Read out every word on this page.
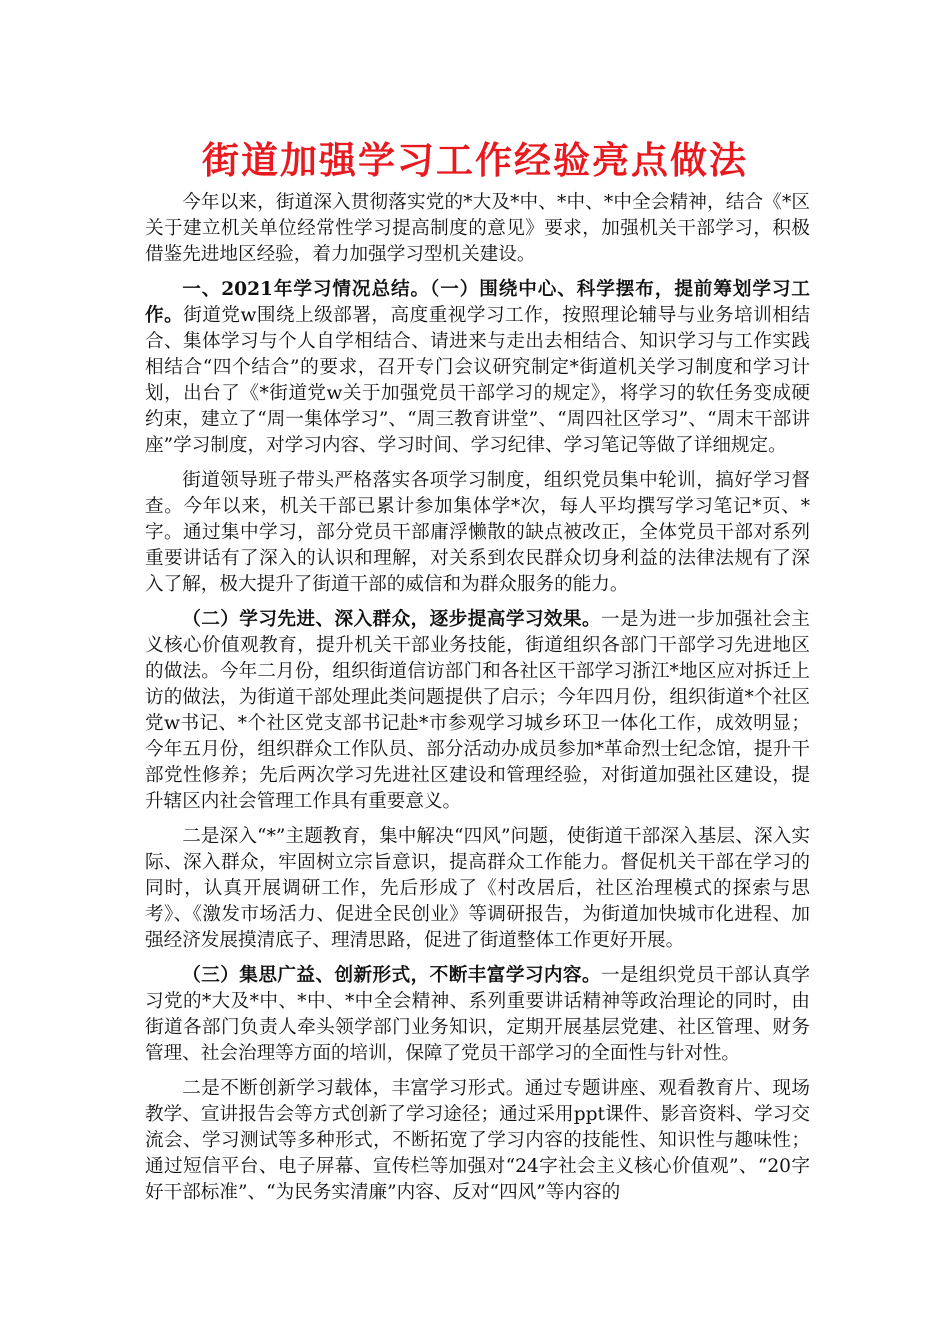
街道加强学习工作经验亮点做法

今年以来，街道深入贯彻落实党的*大及*中、*中、*中全会精神，结合《*区关于建立机关单位经常性学习提高制度的意见》要求，加强机关干部学习，积极借鉴先进地区经验，着力加强学习型机关建设。

一、2021年学习情况总结。（一）围绕中心、科学摆布，提前筹划学习工作。街道党w围绕上级部署，高度重视学习工作，按照理论辅导与业务培训相结合、集体学习与个人自学相结合、请进来与走出去相结合、知识学习与工作实践相结合“四个结合”的要求，召开专门会议研究制定*街道机关学习制度和学习计划，出台了《*街道党w关于加强党员干部学习的规定》，将学习的软任务变成硬约束，建立了“周一集体学习”、“周三教育讲堂”、“周四社区学习”、“周末干部讲座”学习制度，对学习内容、学习时间、学习纪律、学习笔记等做了详细规定。

街道领导班子带头严格落实各项学习制度，组织党员集中轮训，搞好学习督查。今年以来，机关干部已累计参加集体学*次，每人平均撰写学习笔记*页、*字。通过集中学习，部分党员干部庸浮懒散的缺点被改正，全体党员干部对系列重要讲话有了深入的认识和理解，对关系到农民群众切身利益的法律法规有了深入了解，极大提升了街道干部的威信和为群众服务的能力。

（二）学习先进、深入群众，逐步提高学习效果。一是为进一步加强社会主义核心价值观教育，提升机关干部业务技能，街道组织各部门干部学习先进地区的做法。今年二月份，组织街道信访部门和各社区干部学习浙江*地区应对拆迁上访的做法，为街道干部处理此类问题提供了启示；今年四月份，组织街道*个社区党w书记、*个社区党支部书记赴*市参观学习城乡环卫一体化工作，成效明显；今年五月份，组织群众工作队员、部分活动办成员参加*革命烈士纪念馆，提升干部党性修养；先后两次学习先进社区建设和管理经验，对街道加强社区建设，提升辖区内社会管理工作具有重要意义。

二是深入“*”主题教育，集中解决“四风”问题，使街道干部深入基层、深入实际、深入群众，牢固树立宗旨意识，提高群众工作能力。督促机关干部在学习的同时，认真开展调研工作，先后形成了《村改居后，社区治理模式的探索与思考》、《激发市场活力、促进全民创业》等调研报告，为街道加快城市化进程、加强经济发展摸清底子、理清思路，促进了街道整体工作更好开展。

（三）集思广益、创新形式，不断丰富学习内容。一是组织党员干部认真学习党的*大及*中、*中、*中全会精神、系列重要讲话精神等政治理论的同时，由街道各部门负责人牵头领学部门业务知识，定期开展基层党建、社区管理、财务管理、社会治理等方面的培训，保障了党员干部学习的全面性与针对性。

二是不断创新学习载体，丰富学习形式。通过专题讲座、观看教育片、现场教学、宣讲报告会等方式创新了学习途径；通过采用ppt课件、影音资料、学习交流会、学习测试等多种形式，不断拓宽了学习内容的技能性、知识性与趣味性；通过短信平台、电子屏幕、宣传栏等加强对“24字社会主义核心价值观”、“20字好干部标准”、“为民务实清廉”内容、反对“四风”等内容的
